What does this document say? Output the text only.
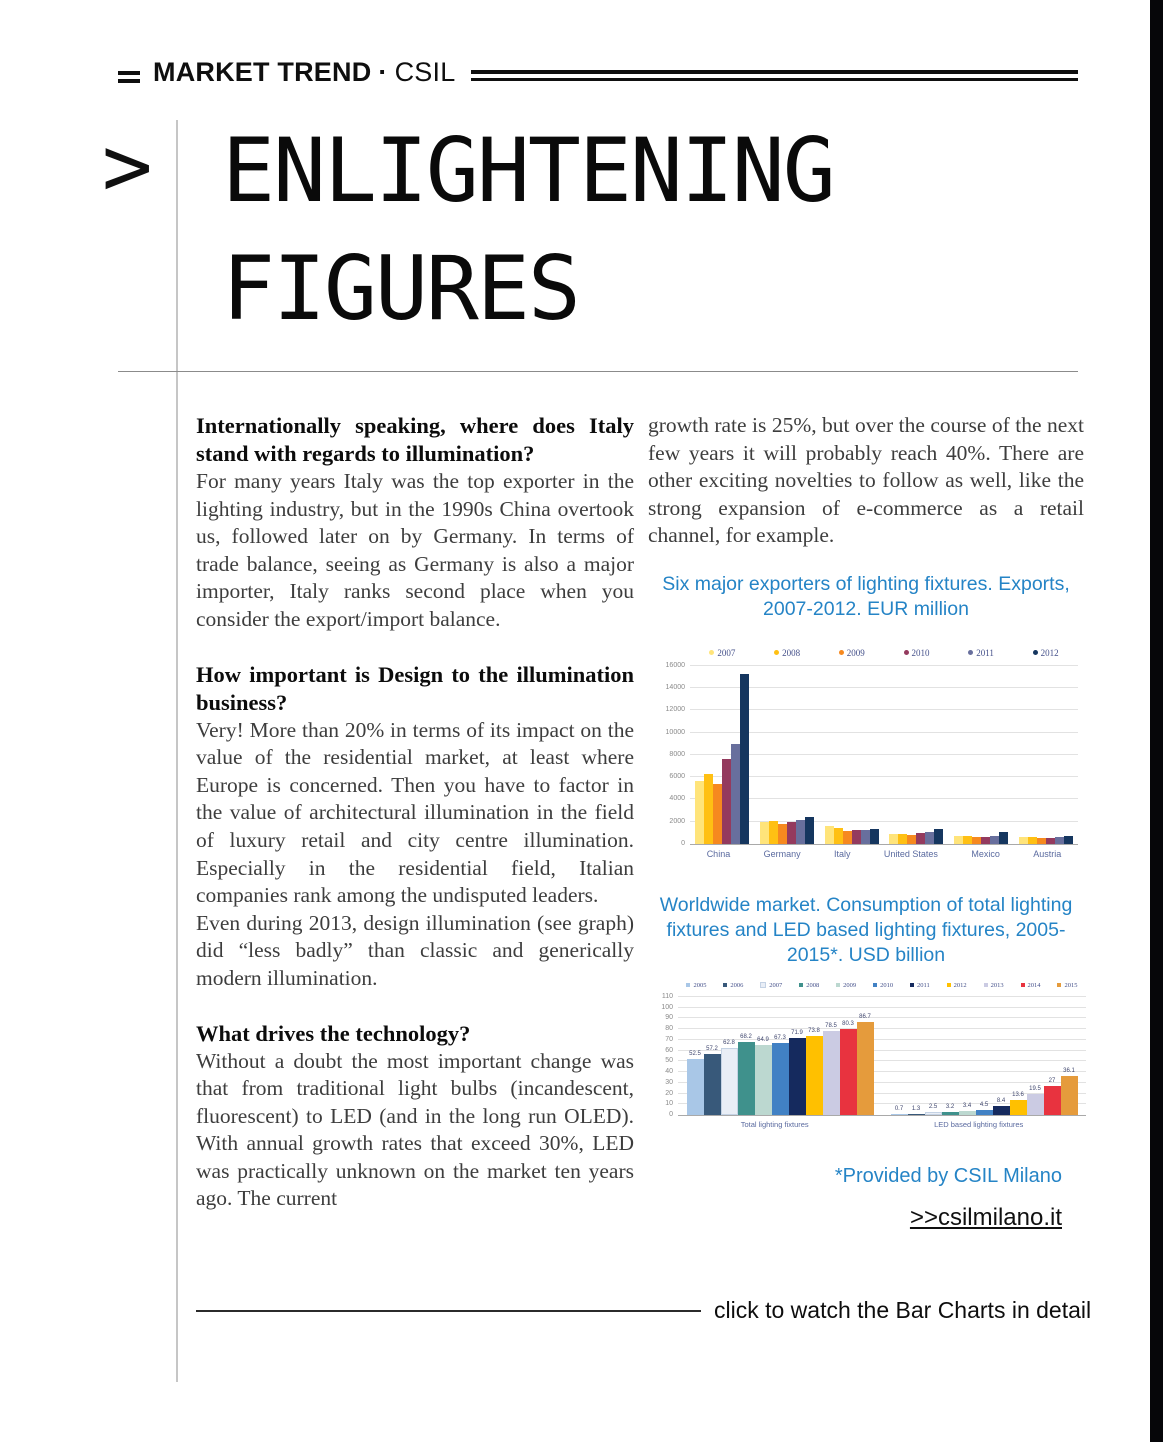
MARKET TREND · CSIL
> ENLIGHTENING
FIGURES
Internationally speaking, where does Italy stand with regards to illumination?

For many years Italy was the top exporter in the lighting industry, but in the 1990s China overtook us, followed later on by Germany. In terms of trade balance, seeing as Germany is also a major importer, Italy ranks second place when you consider the export/import balance.

How important is Design to the illumination business?

Very! More than 20% in terms of its impact on the value of the residential market, at least where Europe is concerned. Then you have to factor in the value of architectural illumination in the field of luxury retail and city centre illumination. Especially in the residential field, Italian companies rank among the undisputed leaders.

Even during 2013, design illumination (see graph) did “less badly” than classic and generically modern illumination.

What drives the technology?

Without a doubt the most important change was that from traditional light bulbs (incandescent, fluorescent) to LED (and in the long run OLED). With annual growth rates that exceed 30%, LED was practically unknown on the market ten years ago. The current

growth rate is 25%, but over the course of the next few years it will probably reach 40%. There are other exciting novelties to follow as well, like the strong expansion of e-commerce as a retail channel, for example.

Six major exporters of lighting fixtures. Exports, 2007-2012. EUR million
2007	2008	2009	2010	2011	2012
0
2000
4000
6000
8000
10000
12000
14000
16000
China	Germany	Italy	United States	Mexico	Austria
Worldwide market. Consumption of total lighting fixtures and LED based lighting fixtures, 2005-2015*. USD billion
2005	2006	2007	2008	2009	2010	2011	2012	2013	2014	2015
0
10
20
30
40
50
60
70
80
90
100
110
52.5
57.2
62.8
68.2
64.9 67.3
71.9 73.8
78.5 80.3
86.7
0.7 1.3 2.5 3.2 3.4 4.5
8.4
13.6
19.5
27
36.1
Total lighting fixtures	LED based lighting fixtures
*Provided by CSIL Milano
>>csilmilano.it
click to watch the Bar Charts in detail
